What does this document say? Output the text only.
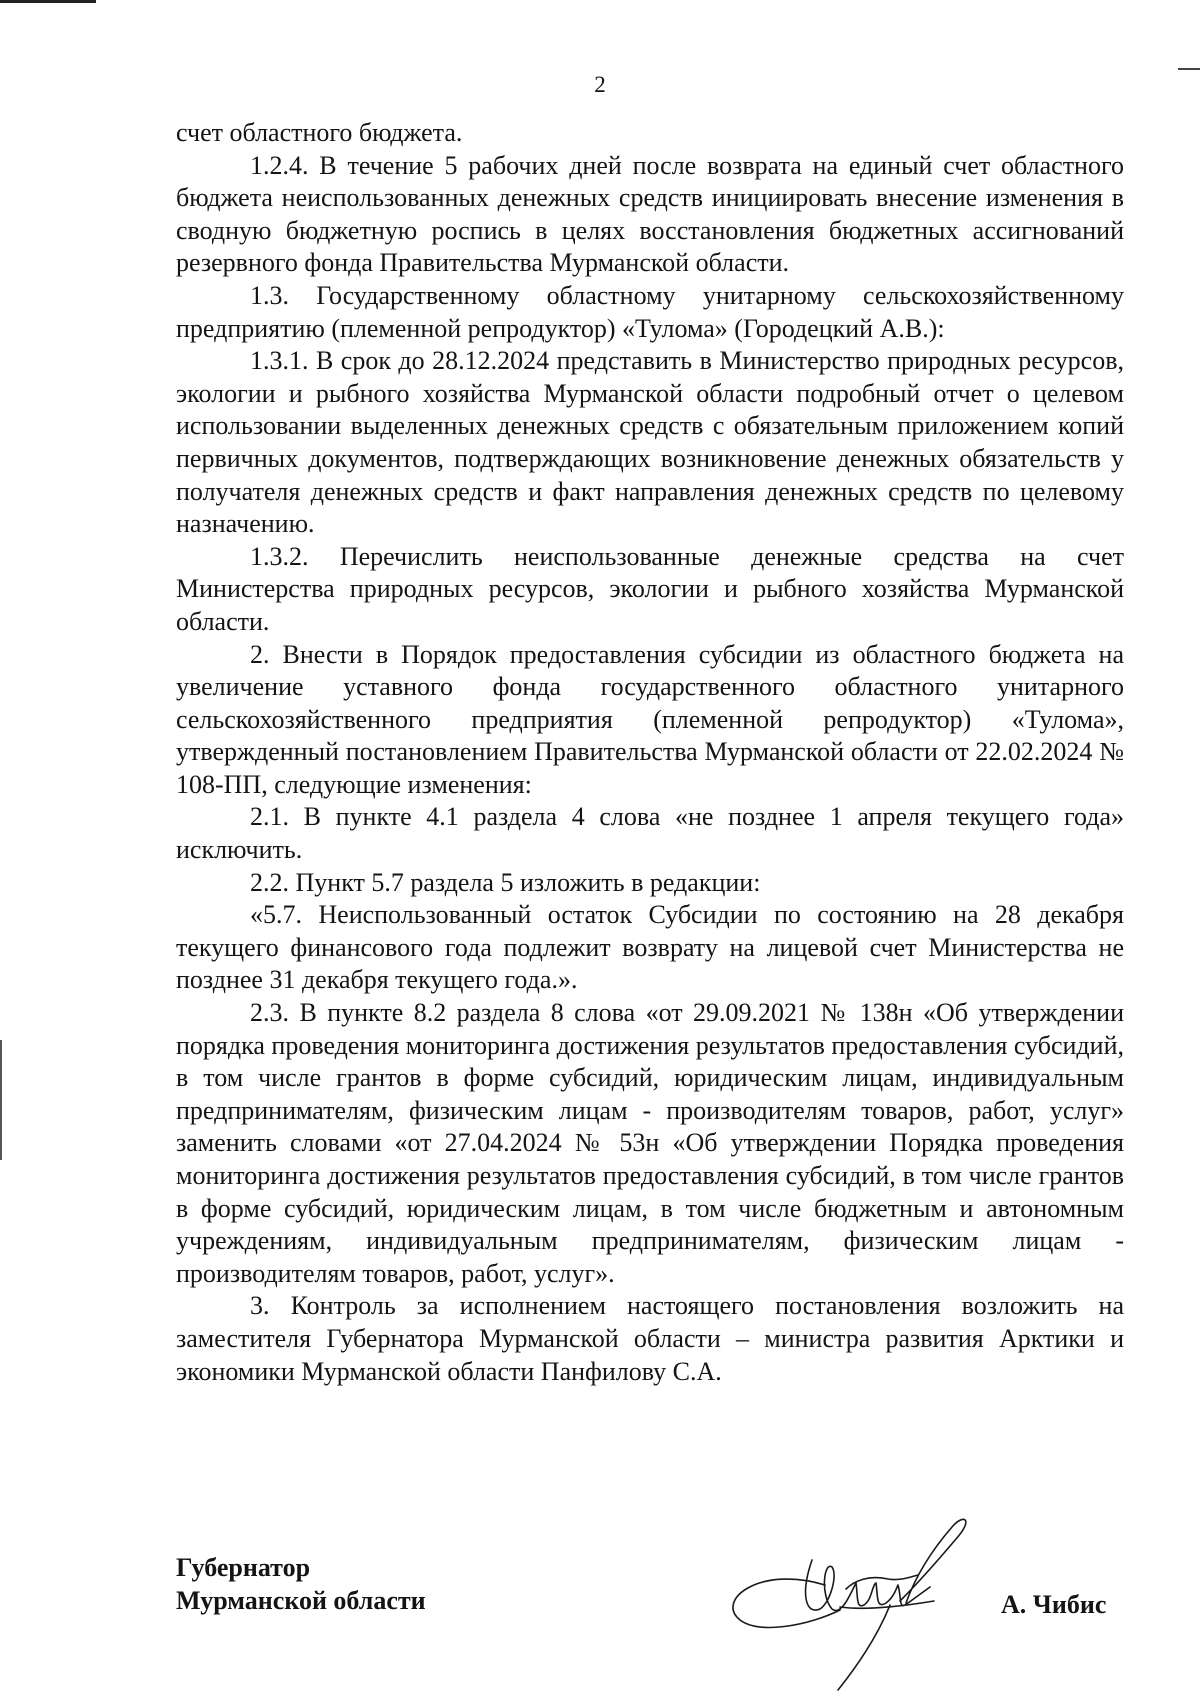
2

счет областного бюджета.

1.2.4. В течение 5 рабочих дней после возврата на единый счет областного бюджета неиспользованных денежных средств инициировать внесение изменения в сводную бюджетную роспись в целях восстановления бюджетных ассигнований резервного фонда Правительства Мурманской области.

1.3. Государственному областному унитарному сельскохозяйственному предприятию (племенной репродуктор) «Тулома» (Городецкий А.В.):

1.3.1. В срок до 28.12.2024 представить в Министерство природных ресурсов, экологии и рыбного хозяйства Мурманской области подробный отчет о целевом использовании выделенных денежных средств с обязательным приложением копий первичных документов, подтверждающих возникновение денежных обязательств у получателя денежных средств и факт направления денежных средств по целевому назначению.

1.3.2. Перечислить неиспользованные денежные средства на счет Министерства природных ресурсов, экологии и рыбного хозяйства Мурманской области.

2. Внести в Порядок предоставления субсидии из областного бюджета на увеличение уставного фонда государственного областного унитарного сельскохозяйственного предприятия (племенной репродуктор) «Тулома», утвержденный постановлением Правительства Мурманской области от 22.02.2024 № 108-ПП, следующие изменения:

2.1. В пункте 4.1 раздела 4 слова «не позднее 1 апреля текущего года» исключить.

2.2. Пункт 5.7 раздела 5 изложить в редакции:

«5.7. Неиспользованный остаток Субсидии по состоянию на 28 декабря текущего финансового года подлежит возврату на лицевой счет Министерства не позднее 31 декабря текущего года.».

2.3. В пункте 8.2 раздела 8 слова «от 29.09.2021 № 138н «Об утверждении порядка проведения мониторинга достижения результатов предоставления субсидий, в том числе грантов в форме субсидий, юридическим лицам, индивидуальным предпринимателям, физическим лицам - производителям товаров, работ, услуг» заменить словами «от 27.04.2024 № 53н «Об утверждении Порядка проведения мониторинга достижения результатов предоставления субсидий, в том числе грантов в форме субсидий, юридическим лицам, в том числе бюджетным и автономным учреждениям, индивидуальным предпринимателям, физическим лицам - производителям товаров, работ, услуг».

3. Контроль за исполнением настоящего постановления возложить на заместителя Губернатора Мурманской области – министра развития Арктики и экономики Мурманской области Панфилову С.А.

Губернатор
Мурманской области	А. Чибис
